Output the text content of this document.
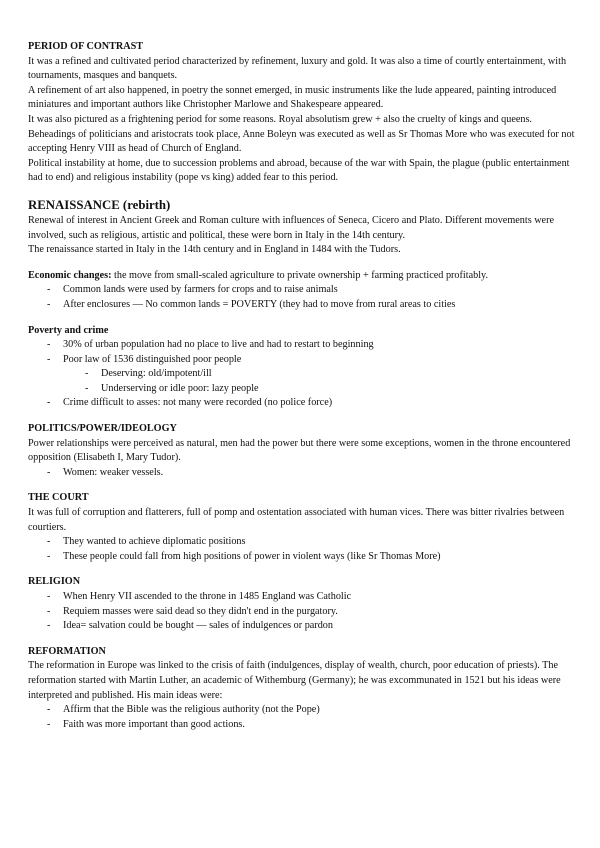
PERIOD OF CONTRAST

It was a refined and cultivated period characterized by refinement, luxury and gold. It was also a time of courtly entertainment, with tournaments, masques and banquets.

A refinement of art also happened, in poetry the sonnet emerged, in music instruments like the lude appeared, painting introduced miniatures and important authors like Christopher Marlowe and Shakespeare appeared.

It was also pictured as a frightening period for some reasons. Royal absolutism grew + also the cruelty of kings and queens. Beheadings of politicians and aristocrats took place, Anne Boleyn was executed as well as Sr Thomas More who was executed for not accepting Henry VIII as head of Church of England.

Political instability at home, due to succession problems and abroad, because of the war with Spain, the plague (public entertainment had to end) and religious instability (pope vs king) added fear to this period.

RENAISSANCE (rebirth)

Renewal of interest in Ancient Greek and Roman culture with influences of Seneca, Cicero and Plato. Different movements were involved, such as religious, artistic and political, these were born in Italy in the 14th century.

The renaissance started in Italy in the 14th century and in England in 1484 with the Tudors.

Economic changes: the move from small-scaled agriculture to private ownership + farming practiced profitably.

- Common lands were used by farmers for crops and to raise animals
- After enclosures — No common lands = POVERTY (they had to move from rural areas to cities

Poverty and crime

- 30% of urban population had no place to live and had to restart to beginning
- Poor law of 1536 distinguished poor people
- Deserving: old/impotent/ill
- Underserving or idle poor: lazy people
- Crime difficult to asses: not many were recorded (no police force)

POLITICS/POWER/IDEOLOGY

Power relationships were perceived as natural, men had the power but there were some exceptions, women in the throne encountered opposition (Elisabeth I, Mary Tudor).

- Women: weaker vessels.

THE COURT

It was full of corruption and flatterers, full of pomp and ostentation associated with human vices. There was bitter rivalries between courtiers.

- They wanted to achieve diplomatic positions
- These people could fall from high positions of power in violent ways (like Sr Thomas More)

RELIGION

- When Henry VII ascended to the throne in 1485 England was Catholic
- Requiem masses were said dead so they didn't end in the purgatory.
- Idea= salvation could be bought — sales of indulgences or pardon

REFORMATION

The reformation in Europe was linked to the crisis of faith (indulgences, display of wealth, church, poor education of priests). The reformation started with Martin Luther, an academic of Withemburg (Germany); he was excommunated in 1521 but his ideas were interpreted and published. His main ideas were:

- Affirm that the Bible was the religious authority (not the Pope)
- Faith was more important than good actions.
